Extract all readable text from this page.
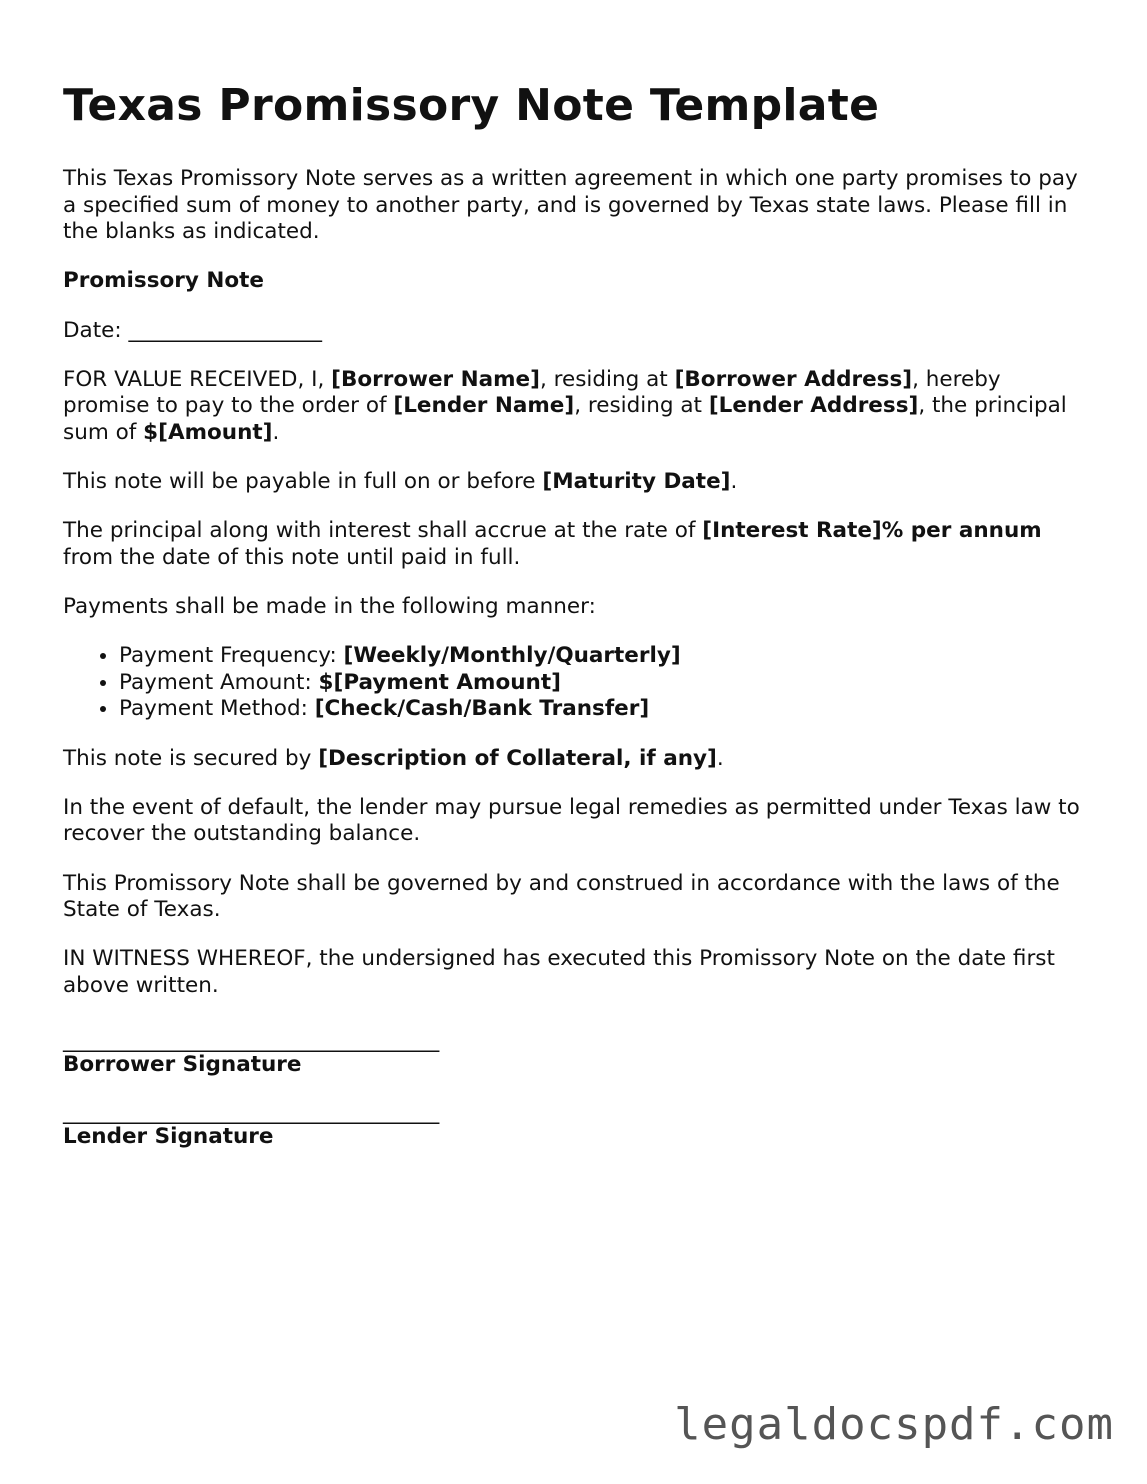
Texas Promissory Note Template

This Texas Promissory Note serves as a written agreement in which one party promises to pay a specified sum of money to another party, and is governed by Texas state laws. Please fill in the blanks as indicated.

Promissory Note

Date: __________________

FOR VALUE RECEIVED, I, [Borrower Name], residing at [Borrower Address], hereby promise to pay to the order of [Lender Name], residing at [Lender Address], the principal sum of $[Amount].

This note will be payable in full on or before [Maturity Date].

The principal along with interest shall accrue at the rate of [Interest Rate]% per annum from the date of this note until paid in full.

Payments shall be made in the following manner:

• Payment Frequency: [Weekly/Monthly/Quarterly]
• Payment Amount: $[Payment Amount]
• Payment Method: [Check/Cash/Bank Transfer]

This note is secured by [Description of Collateral, if any].

In the event of default, the lender may pursue legal remedies as permitted under Texas law to recover the outstanding balance.

This Promissory Note shall be governed by and construed in accordance with the laws of the State of Texas.

IN WITNESS WHEREOF, the undersigned has executed this Promissory Note on the date first above written.

___________________________________
Borrower Signature
___________________________________
Lender Signature
legaldocspdf.com
